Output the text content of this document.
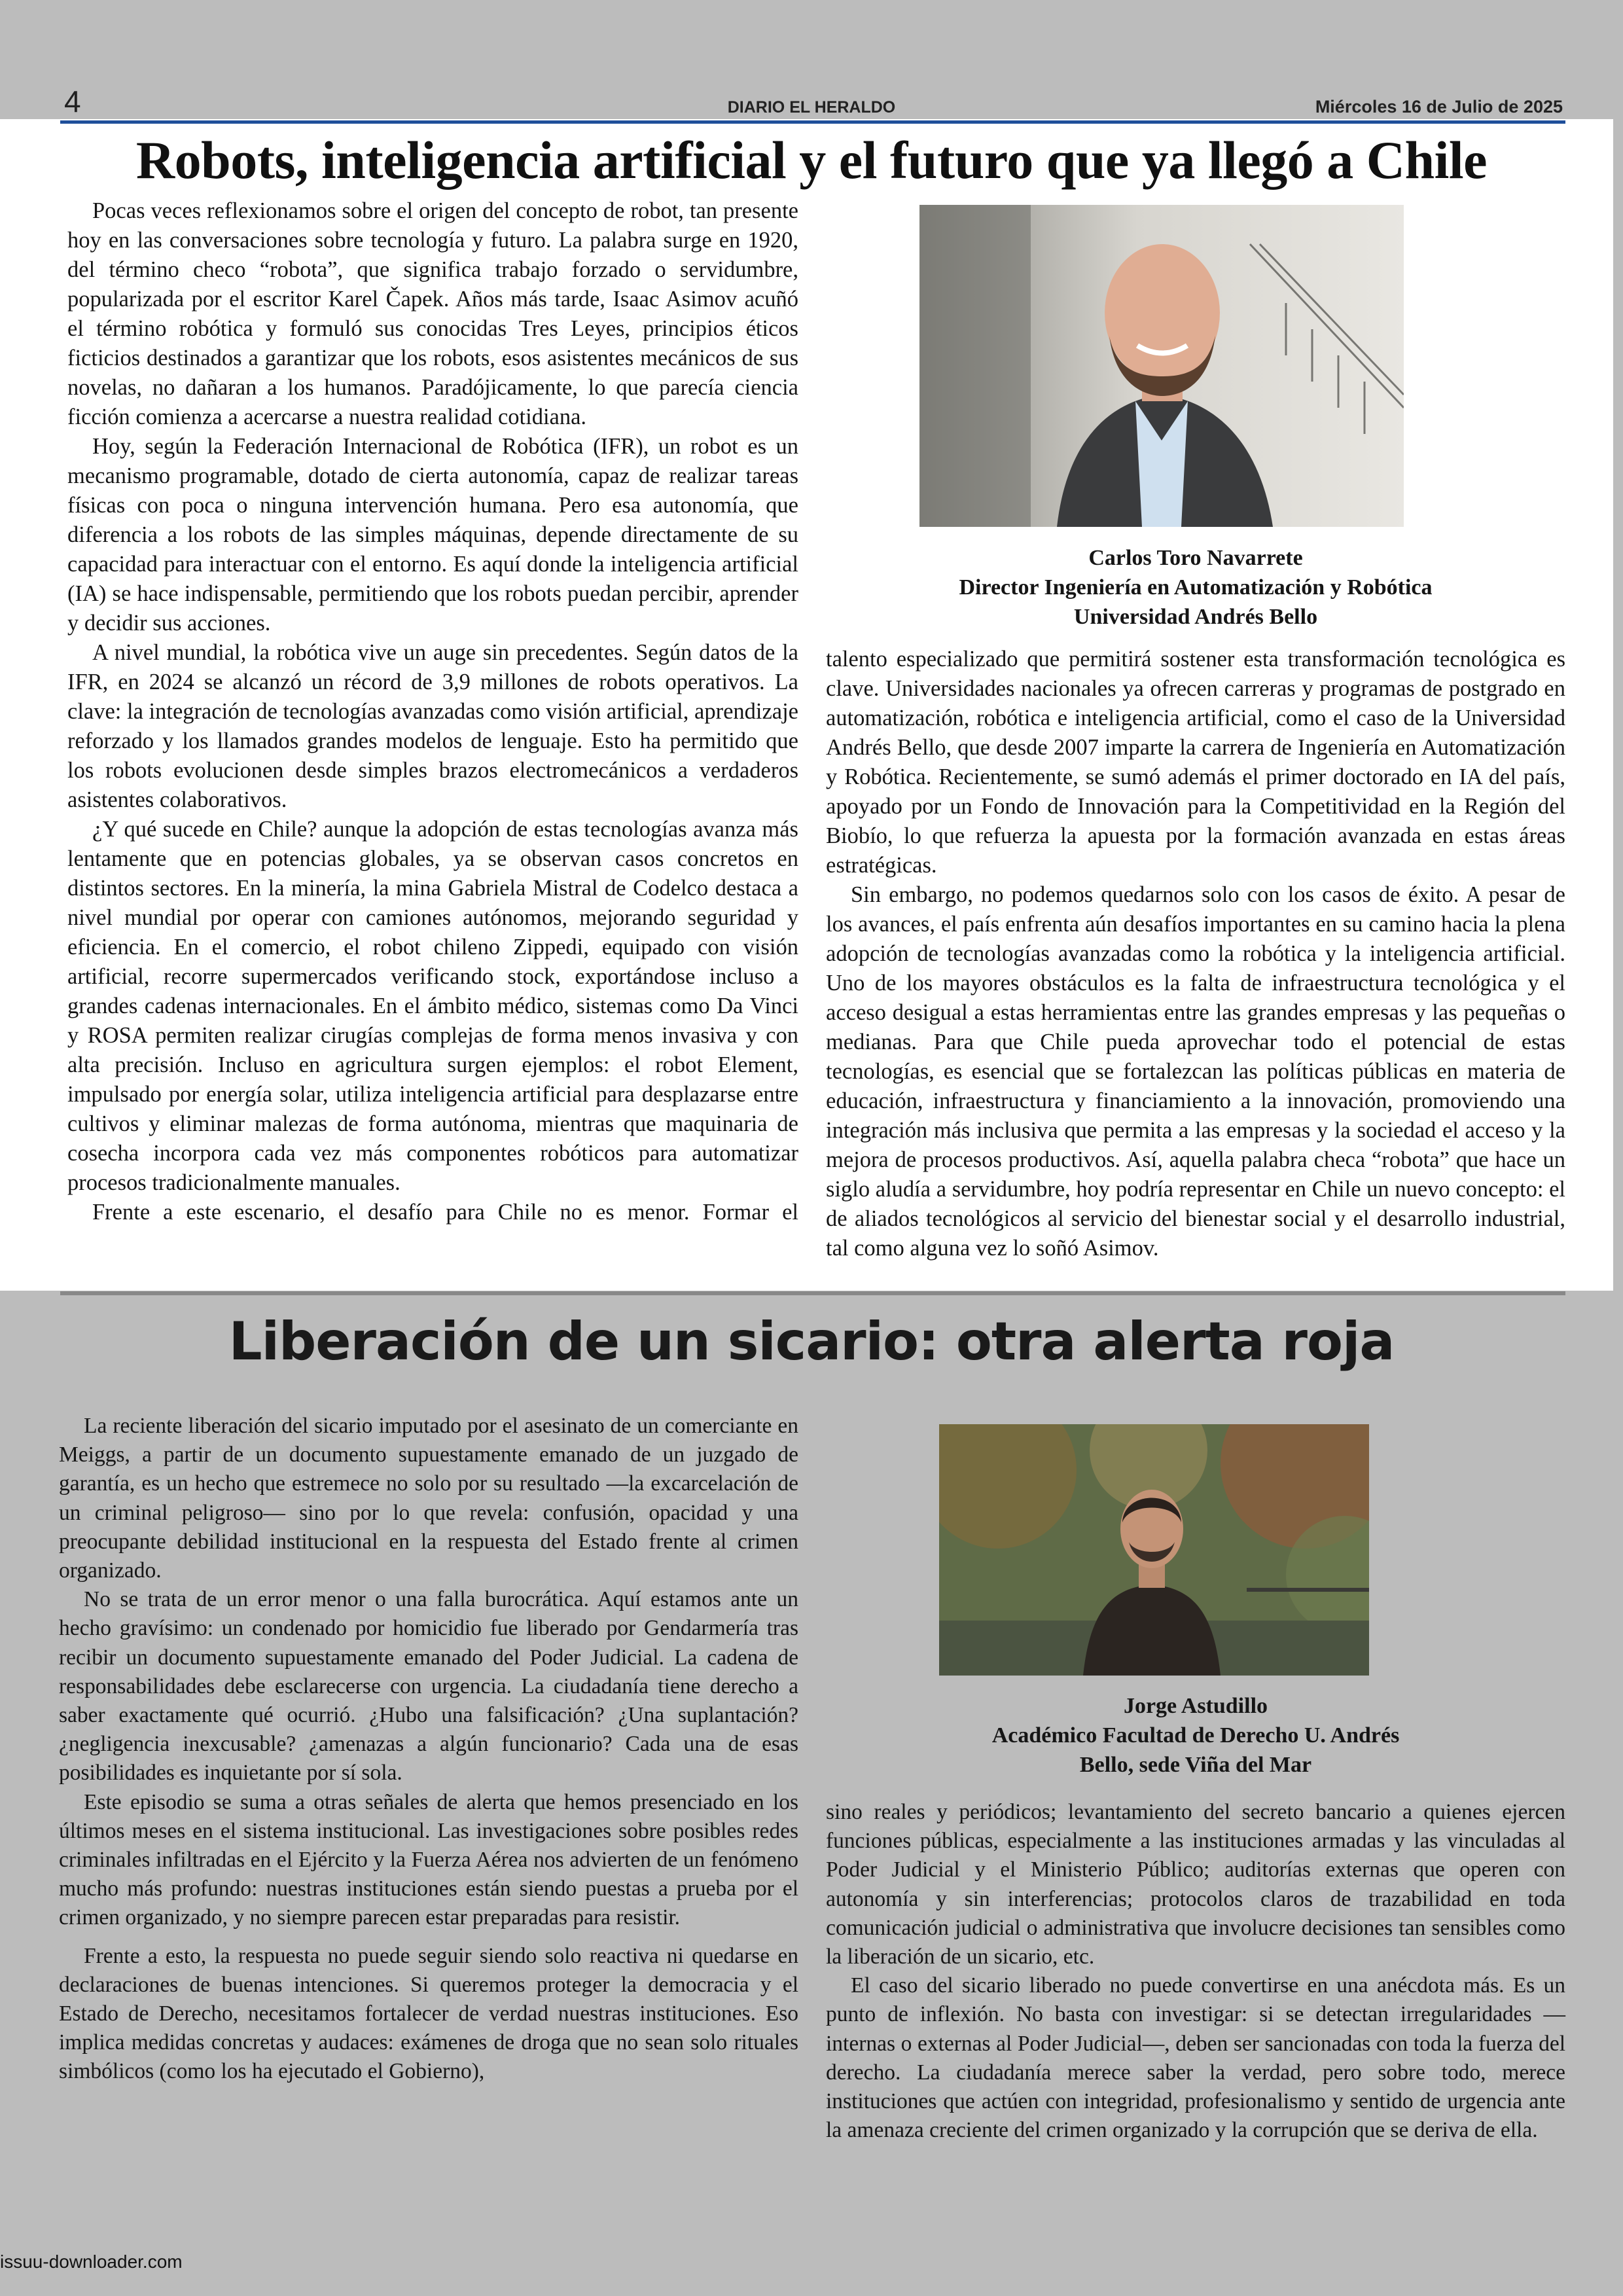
4	DIARIO EL HERALDO	Miércoles 16 de Julio de 2025
Robots, inteligencia artificial y el futuro que ya llegó a Chile

Pocas veces reflexionamos sobre el origen del concepto de robot, tan presente hoy en las conversaciones sobre tecnología y futuro. La palabra surge en 1920, del término checo “robota”, que significa trabajo forzado o servidumbre, popularizada por el escritor Karel Čapek. Años más tarde, Isaac Asimov acuñó el término robótica y formuló sus conocidas Tres Leyes, principios éticos ficticios destinados a garantizar que los robots, esos asistentes mecánicos de sus novelas, no dañaran a los humanos. Paradójicamente, lo que parecía ciencia ficción comienza a acercarse a nuestra realidad cotidiana.

Hoy, según la Federación Internacional de Robótica (IFR), un robot es un mecanismo programable, dotado de cierta autonomía, capaz de realizar tareas físicas con poca o ninguna intervención humana. Pero esa autonomía, que diferencia a los robots de las simples máquinas, depende directamente de su capacidad para interactuar con el entorno. Es aquí donde la inteligencia artificial (IA) se hace indispensable, permitiendo que los robots puedan percibir, aprender y decidir sus acciones.

A nivel mundial, la robótica vive un auge sin precedentes. Según datos de la IFR, en 2024 se alcanzó un récord de 3,9 millones de robots operativos. La clave: la integración de tecnologías avanzadas como visión artificial, aprendizaje reforzado y los llamados grandes modelos de lenguaje. Esto ha permitido que los robots evolucionen desde simples brazos electromecánicos a verdaderos asistentes colaborativos.

¿Y qué sucede en Chile? aunque la adopción de estas tecnologías avanza más lentamente que en potencias globales, ya se observan casos concretos en distintos sectores. En la minería, la mina Gabriela Mistral de Codelco destaca a nivel mundial por operar con camiones autónomos, mejorando seguridad y eficiencia. En el comercio, el robot chileno Zippedi, equipado con visión artificial, recorre supermercados verificando stock, exportándose incluso a grandes cadenas internacionales. En el ámbito médico, sistemas como Da Vinci y ROSA permiten realizar cirugías complejas de forma menos invasiva y con alta precisión. Incluso en agricultura surgen ejemplos: el robot Element, impulsado por energía solar, utiliza inteligencia artificial para desplazarse entre cultivos y eliminar malezas de forma autónoma, mientras que maquinaria de cosecha incorpora cada vez más componentes robóticos para automatizar procesos tradicionalmente manuales.

Frente a este escenario, el desafío para Chile no es menor. Formar el

Carlos Toro Navarrete
Director Ingeniería en Automatización y Robótica
Universidad Andrés Bello

talento especializado que permitirá sostener esta transformación tecnológica es clave. Universidades nacionales ya ofrecen carreras y programas de postgrado en automatización, robótica e inteligencia artificial, como el caso de la Universidad Andrés Bello, que desde 2007 imparte la carrera de Ingeniería en Automatización y Robótica. Recientemente, se sumó además el primer doctorado en IA del país, apoyado por un Fondo de Innovación para la Competitividad en la Región del Biobío, lo que refuerza la apuesta por la formación avanzada en estas áreas estratégicas.

Sin embargo, no podemos quedarnos solo con los casos de éxito. A pesar de los avances, el país enfrenta aún desafíos importantes en su camino hacia la plena adopción de tecnologías avanzadas como la robótica y la inteligencia artificial. Uno de los mayores obstáculos es la falta de infraestructura tecnológica y el acceso desigual a estas herramientas entre las grandes empresas y las pequeñas o medianas. Para que Chile pueda aprovechar todo el potencial de estas tecnologías, es esencial que se fortalezcan las políticas públicas en materia de educación, infraestructura y financiamiento a la innovación, promoviendo una integración más inclusiva que permita a las empresas y la sociedad el acceso y la mejora de procesos productivos. Así, aquella palabra checa “robota” que hace un siglo aludía a servidumbre, hoy podría representar en Chile un nuevo concepto: el de aliados tecnológicos al servicio del bienestar social y el desarrollo industrial, tal como alguna vez lo soñó Asimov.

Liberación de un sicario: otra alerta roja

La reciente liberación del sicario imputado por el asesinato de un comerciante en Meiggs, a partir de un documento supuestamente emanado de un juzgado de garantía, es un hecho que estremece no solo por su resultado —la excarcelación de un criminal peligroso— sino por lo que revela: confusión, opacidad y una preocupante debilidad institucional en la respuesta del Estado frente al crimen organizado.

No se trata de un error menor o una falla burocrática. Aquí estamos ante un hecho gravísimo: un condenado por homicidio fue liberado por Gendarmería tras recibir un documento supuestamente emanado del Poder Judicial. La cadena de responsabilidades debe esclarecerse con urgencia. La ciudadanía tiene derecho a saber exactamente qué ocurrió. ¿Hubo una falsificación? ¿Una suplantación? ¿negligencia inexcusable? ¿amenazas a algún funcionario? Cada una de esas posibilidades es inquietante por sí sola.

Este episodio se suma a otras señales de alerta que hemos presenciado en los últimos meses en el sistema institucional. Las investigaciones sobre posibles redes criminales infiltradas en el Ejército y la Fuerza Aérea nos advierten de un fenómeno mucho más profundo: nuestras instituciones están siendo puestas a prueba por el crimen organizado, y no siempre parecen estar preparadas para resistir.

Frente a esto, la respuesta no puede seguir siendo solo reactiva ni quedarse en declaraciones de buenas intenciones. Si queremos proteger la democracia y el Estado de Derecho, necesitamos fortalecer de verdad nuestras instituciones. Eso implica medidas concretas y audaces: exámenes de droga que no sean solo rituales simbólicos (como los ha ejecutado el Gobierno),

Jorge Astudillo
Académico Facultad de Derecho U. Andrés
Bello, sede Viña del Mar

sino reales y periódicos; levantamiento del secreto bancario a quienes ejercen funciones públicas, especialmente a las instituciones armadas y las vinculadas al Poder Judicial y el Ministerio Público; auditorías externas que operen con autonomía y sin interferencias; protocolos claros de trazabilidad en toda comunicación judicial o administrativa que involucre decisiones tan sensibles como la liberación de un sicario, etc.

El caso del sicario liberado no puede convertirse en una anécdota más. Es un punto de inflexión. No basta con investigar: si se detectan irregularidades —internas o externas al Poder Judicial—, deben ser sancionadas con toda la fuerza del derecho. La ciudadanía merece saber la verdad, pero sobre todo, merece instituciones que actúen con integridad, profesionalismo y sentido de urgencia ante la amenaza creciente del crimen organizado y la corrupción que se deriva de ella.

issuu-downloader.com
